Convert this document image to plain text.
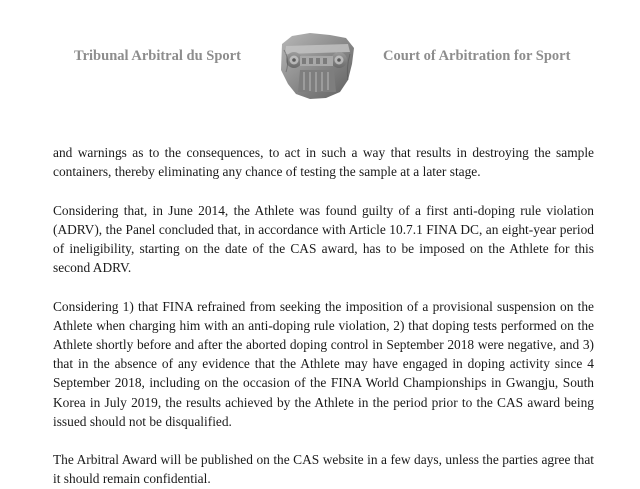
Tribunal Arbitral du Sport	Court of Arbitration for Sport

and warnings as to the consequences, to act in such a way that results in destroying the sample containers, thereby eliminating any chance of testing the sample at a later stage.

Considering that, in June 2014, the Athlete was found guilty of a first anti-doping rule violation (ADRV), the Panel concluded that, in accordance with Article 10.7.1 FINA DC, an eight-year period of ineligibility, starting on the date of the CAS award, has to be imposed on the Athlete for this second ADRV.

Considering 1) that FINA refrained from seeking the imposition of a provisional suspension on the Athlete when charging him with an anti-doping rule violation, 2) that doping tests performed on the Athlete shortly before and after the aborted doping control in September 2018 were negative, and 3) that in the absence of any evidence that the Athlete may have engaged in doping activity since 4 September 2018, including on the occasion of the FINA World Championships in Gwangju, South Korea in July 2019, the results achieved by the Athlete in the period prior to the CAS award being issued should not be disqualified.

The Arbitral Award will be published on the CAS website in a few days, unless the parties agree that it should remain confidential.
